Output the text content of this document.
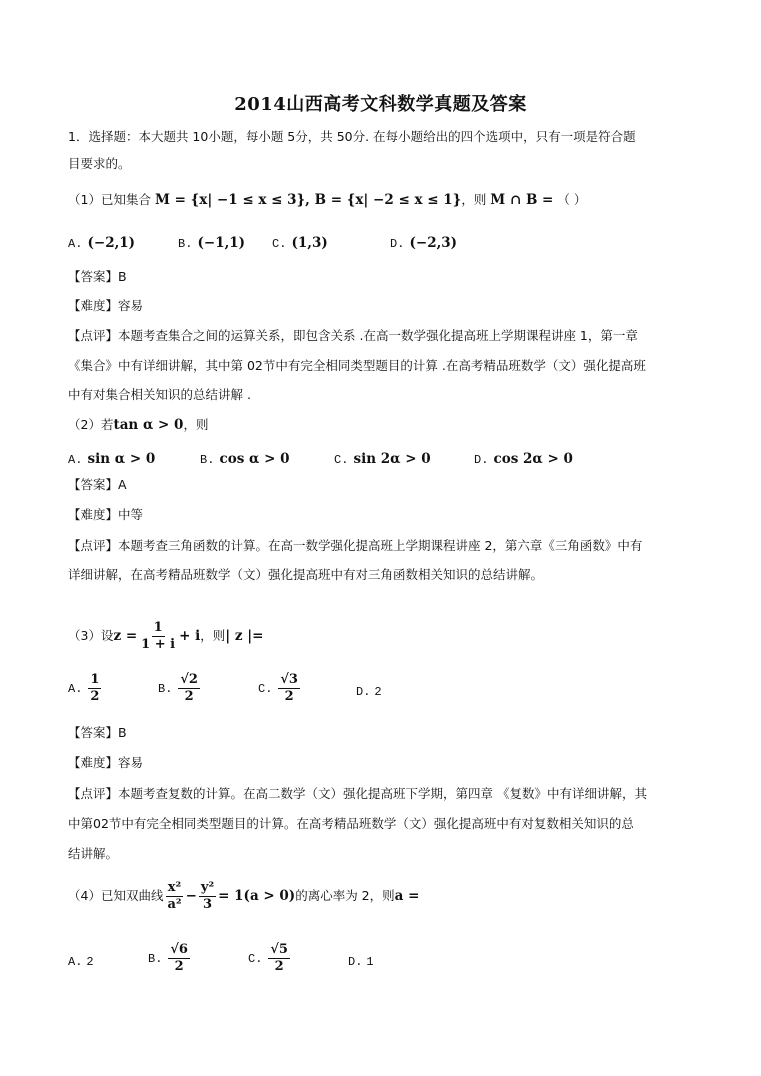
2014山西高考文科数学真题及答案
1．选择题：本大题共 10小题，每小题 5分，共 50分. 在每小题给出的四个选项中，只有一项是符合题
目要求的。
（1）已知集合 M = {x| −1 ≤ x ≤ 3}, B = {x| −2 ≤ x ≤ 1}，则 M ∩ B = （ ）
A. (−2,1)	B. (−1,1) C. (1,3)	D. (−2,3)
【答案】B
【难度】容易
【点评】本题考查集合之间的运算关系，即包含关系 .在高一数学强化提高班上学期课程讲座 1，第一章
《集合》中有详细讲解，其中第 02节中有完全相同类型题目的计算 .在高考精品班数学（文）强化提高班
中有对集合相关知识的总结讲解 .
（2）若tan α > 0，则
A. sin α > 0	B. cos α > 0	C. sin 2α > 0	D. cos 2α > 0
【答案】A
【难度】中等
【点评】本题考查三角函数的计算。在高一数学强化提高班上学期课程讲座 2，第六章《三角函数》中有
详细讲解，在高考精品班数学（文）强化提高班中有对三角函数相关知识的总结讲解。
（3）设$z = \frac{1}{1 + i} + i$，则| z |=
A. $\frac{1}{2}$	B. $\frac{√2}{2}$	C. $\frac{√3}{2}$	D. 2
【答案】B
【难度】容易
【点评】本题考查复数的计算。在高二数学（文）强化提高班下学期，第四章 《复数》中有详细讲解，其
中第02节中有完全相同类型题目的计算。在高考精品班数学（文）强化提高班中有对复数相关知识的总
结讲解。
（4）已知双曲线 $\frac{\text{x²}}{\text{a²}} - \frac{\text{y²}}{3} = 1(a > 0)$的离心率为 2，则a =
A. 2	B. $\frac{√6}{2}$	C. $\frac{√5}{2}$	D. 1
